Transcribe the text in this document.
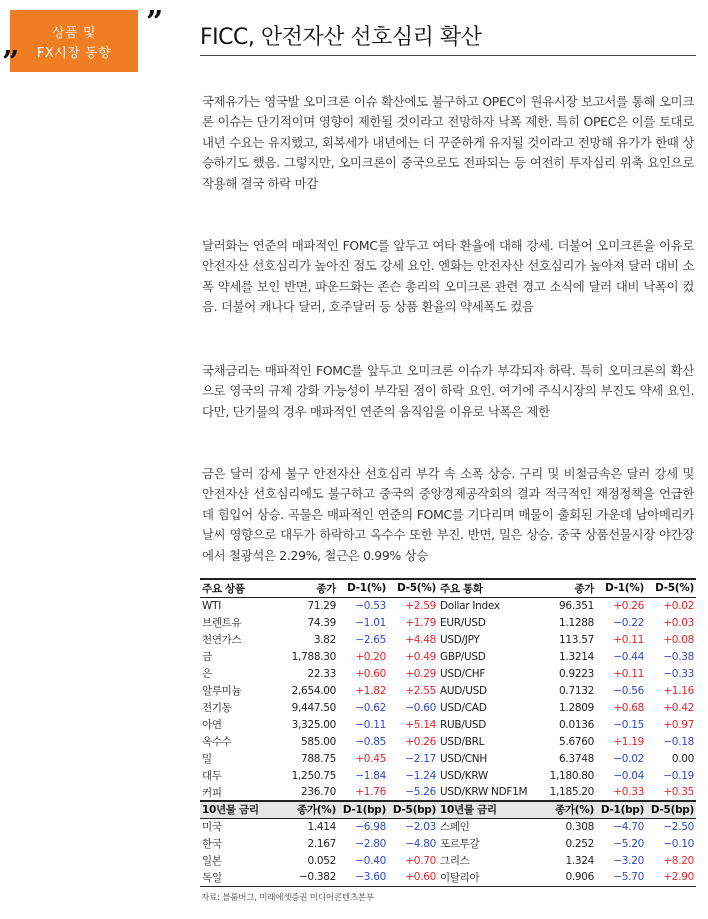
상품 및
FX시장 동향
”
”
FICC, 안전자산 선호심리 확산

국제유가는 영국발 오미크론 이슈 확산에도 불구하고 OPEC이 원유시장 보고서를 통해 오미크론 이슈는 단기적이며 영향이 제한될 것이라고 전망하자 낙폭 제한. 특히 OPEC은 이를 토대로 내년 수요는 유지했고, 회복세가 내년에는 더 꾸준하게 유지될 것이라고 전망해 유가가 한때 상승하기도 했음. 그렇지만, 오미크론이 중국으로도 전파되는 등 여전히 투자심리 위축 요인으로 작용해 결국 하락 마감

달러화는 연준의 매파적인 FOMC를 앞두고 여타 환율에 대해 강세. 더불어 오미크론을 이유로 안전자산 선호심리가 높아진 점도 강세 요인. 엔화는 안전자산 선호심리가 높아져 달러 대비 소폭 약세를 보인 반면, 파운드화는 존슨 총리의 오미크론 관련 경고 소식에 달러 대비 낙폭이 컸음. 더불어 캐나다 달러, 호주달러 등 상품 환율의 약세폭도 컸음

국채금리는 매파적인 FOMC를 앞두고 오미크론 이슈가 부각되자 하락. 특히 오미크론의 확산으로 영국의 규제 강화 가능성이 부각된 점이 하락 요인. 여기에 주식시장의 부진도 약세 요인. 다만, 단기물의 경우 매파적인 연준의 움직임을 이유로 낙폭은 제한

금은 달러 강세 불구 안전자산 선호심리 부각 속 소폭 상승. 구리 및 비철금속은 달러 강세 및 안전자산 선호심리에도 불구하고 중국의 중앙경제공작회의 결과 적극적인 재정정책을 언급한 데 힘입어 상승. 곡물은 매파적인 연준의 FOMC를 기다리며 매물이 출회된 가운데 남아메리카 날씨 영향으로 대두가 하락하고 옥수수 또한 부진. 반면, 밀은 상승. 중국 상품선물시장 야간장에서 철광석은 2.29%, 철근은 0.99% 상승

주요 상품	종가	D-1(%)	D-5(%)	주요 통화	종가	D-1(%)	D-5(%)
WTI	71.29	−0.53	+2.59	Dollar Index	96.351	+0.26	+0.02
브렌트유	74.39	−1.01	+1.79	EUR/USD	1.1288	−0.22	+0.03
천연가스	3.82	−2.65	+4.48	USD/JPY	113.57	+0.11	+0.08
금	1,788.30	+0.20	+0.49	GBP/USD	1.3214	−0.44	−0.38
은	22.33	+0.60	+0.29	USD/CHF	0.9223	+0.11	−0.33
알루미늄	2,654.00	+1.82	+2.55	AUD/USD	0.7132	−0.56	+1.16
전기동	9,447.50	−0.62	−0.60	USD/CAD	1.2809	+0.68	+0.42
아연	3,325.00	−0.11	+5.14	RUB/USD	0.0136	−0.15	+0.97
옥수수	585.00	−0.85	+0.26	USD/BRL	5.6760	+1.19	−0.18
밀	788.75	+0.45	−2.17	USD/CNH	6.3748	−0.02	0.00
대두	1,250.75	−1.84	−1.24	USD/KRW	1,180.80	−0.04	−0.19
커피	236.70	+1.76	−5.26	USD/KRW NDF1M	1,185.20	+0.33	+0.35
10년물 금리	종가(%)	D-1(bp)	D-5(bp)	10년물 금리	종가(%)	D-1(bp)	D-5(bp)
미국	1.414	−6.98	−2.03	스페인	0.308	−4.70	−2.50
한국	2.167	−2.80	−4.80	포르투갈	0.252	−5.20	−0.10
일본	0.052	−0.40	+0.70	그리스	1.324	−3.20	+8.20
독일	−0.382	−3.60	+0.60	이탈리아	0.906	−5.70	+2.90
자료: 블룸버그, 미래에셋증권 미디어콘텐츠본부
